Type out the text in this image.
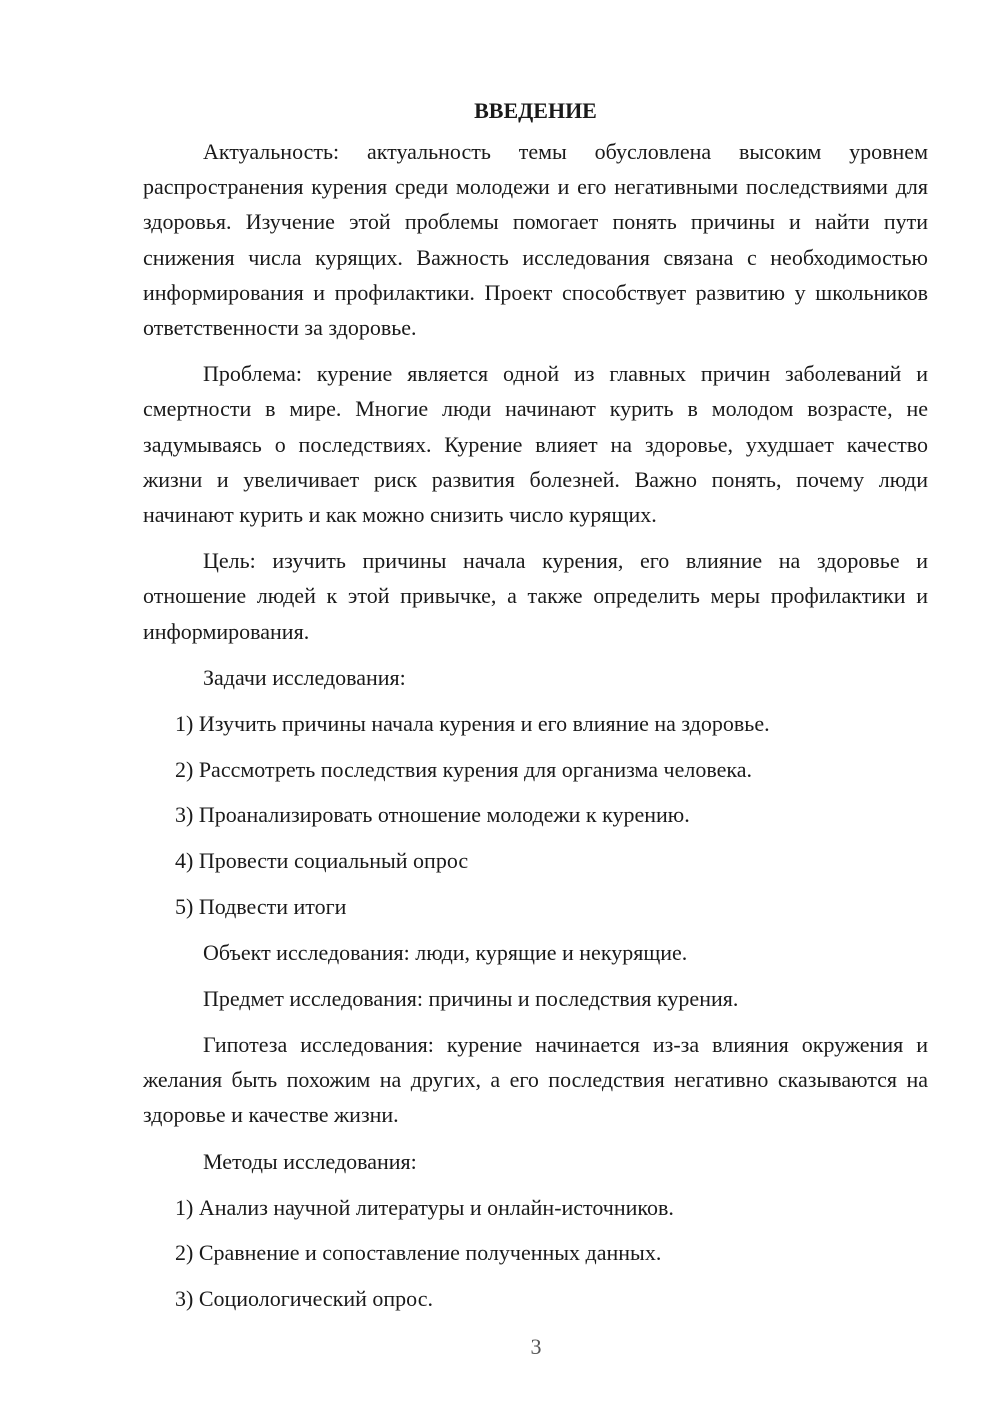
ВВЕДЕНИЕ

Актуальность: актуальность темы обусловлена высоким уровнем распространения курения среди молодежи и его негативными последствиями для здоровья. Изучение этой проблемы помогает понять причины и найти пути снижения числа курящих. Важность исследования связана с необходимостью информирования и профилактики. Проект способствует развитию у школьников ответственности за здоровье.

Проблема: курение является одной из главных причин заболеваний и смертности в мире. Многие люди начинают курить в молодом возрасте, не задумываясь о последствиях. Курение влияет на здоровье, ухудшает качество жизни и увеличивает риск развития болезней. Важно понять, почему люди начинают курить и как можно снизить число курящих.

Цель: изучить причины начала курения, его влияние на здоровье и отношение людей к этой привычке, а также определить меры профилактики и информирования.

Задачи исследования:

1) Изучить причины начала курения и его влияние на здоровье.

2) Рассмотреть последствия курения для организма человека.

3) Проанализировать отношение молодежи к курению.

4) Провести социальный опрос

5) Подвести итоги

Объект исследования: люди, курящие и некурящие.

Предмет исследования: причины и последствия курения.

Гипотеза исследования: курение начинается из-за влияния окружения и желания быть похожим на других, а его последствия негативно сказываются на здоровье и качестве жизни.

Методы исследования:

1) Анализ научной литературы и онлайн-источников.

2) Сравнение и сопоставление полученных данных.

3) Социологический опрос.

3
